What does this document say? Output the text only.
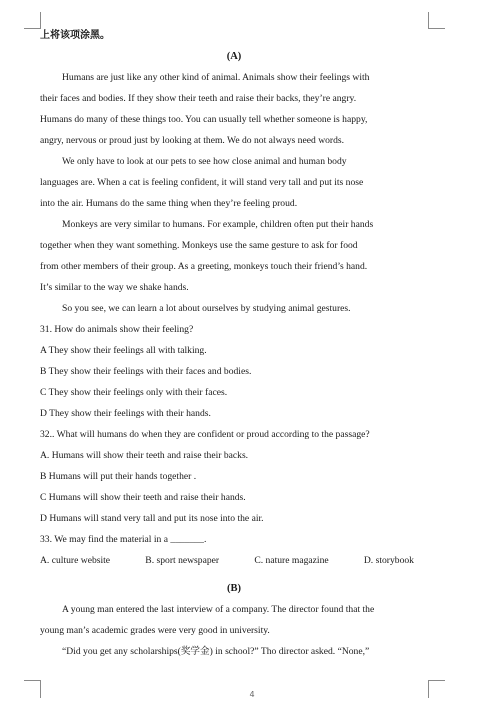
上将该项涂黑。
(A)
Humans are just like any other kind of animal. Animals show their feelings with
their faces and bodies. If they show their teeth and raise their backs, they’re angry.
Humans do many of these things too. You can usually tell whether someone is happy,
angry, nervous or proud just by looking at them. We do not always need words.
We only have to look at our pets to see how close animal and human body
languages are. When a cat is feeling confident, it will stand very tall and put its nose
into the air. Humans do the same thing when they’re feeling proud.
Monkeys are very similar to humans. For example, children often put their hands
together when they want something. Monkeys use the same gesture to ask for food
from other members of their group. As a greeting, monkeys touch their friend’s hand.
It’s similar to the way we shake hands.
So you see, we can learn a lot about ourselves by studying animal gestures.
31. How do animals show their feeling?
A They show their feelings all with talking.
B They show their feelings with their faces and bodies.
C They show their feelings only with their faces.
D They show their feelings with their hands.
32.. What will humans do when they are confident or proud according to the passage?
A. Humans will show their teeth and raise their backs.
B Humans will put their hands together .
C Humans will show their teeth and raise their hands.
D Humans will stand very tall and put its nose into the air.
33. We may find the material in a _______.
A. culture website	B. sport newspaper	C. nature magazine	D. storybook
(B)
A young man entered the last interview of a company. The director found that the
young man’s academic grades were very good in university.
“Did you get any scholarships(奖学金) in school?” Tho director asked. “None,”
4
